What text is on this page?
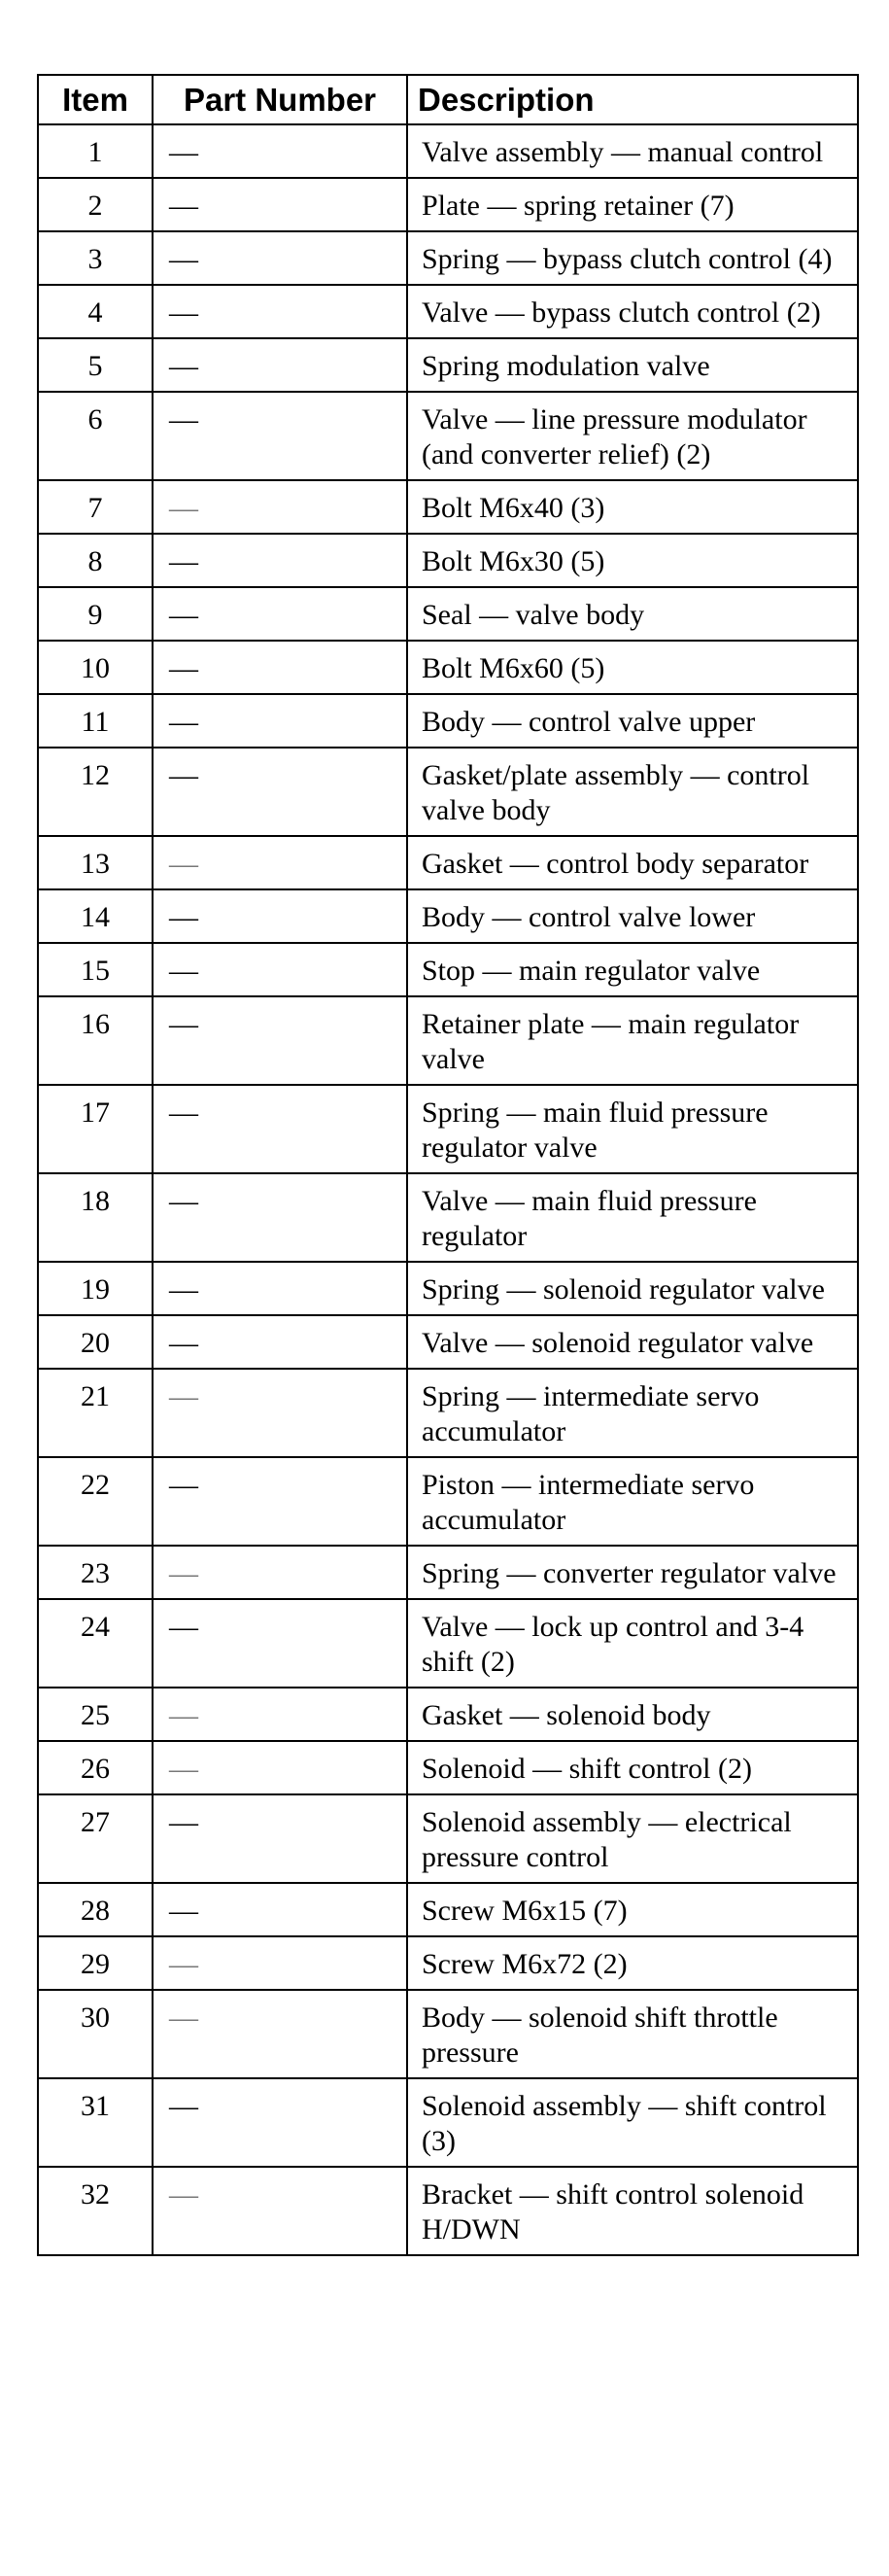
Item	Part Number	Description
1	—	Valve assembly — manual control
2	—	Plate — spring retainer (7)
3	—	Spring — bypass clutch control (4)
4	—	Valve — bypass clutch control (2)
5	—	Spring modulation valve
6	—	Valve — line pressure modulator (and converter relief) (2)
7	—	Bolt M6x40 (3)
8	—	Bolt M6x30 (5)
9	—	Seal — valve body
10	—	Bolt M6x60 (5)
11	—	Body — control valve upper
12	—	Gasket/plate assembly — control valve body
13	—	Gasket — control body separator
14	—	Body — control valve lower
15	—	Stop — main regulator valve
16	—	Retainer plate — main regulator valve
17	—	Spring — main fluid pressure regulator valve
18	—	Valve — main fluid pressure regulator
19	—	Spring — solenoid regulator valve
20	—	Valve — solenoid regulator valve
21	—	Spring — intermediate servo accumulator
22	—	Piston — intermediate servo accumulator
23	—	Spring — converter regulator valve
24	—	Valve — lock up control and 3-4 shift (2)
25	—	Gasket — solenoid body
26	—	Solenoid — shift control (2)
27	—	Solenoid assembly — electrical pressure control
28	—	Screw M6x15 (7)
29	—	Screw M6x72 (2)
30	—	Body — solenoid shift throttle pressure
31	—	Solenoid assembly — shift control (3)
32	—	Bracket — shift control solenoid H/DWN
